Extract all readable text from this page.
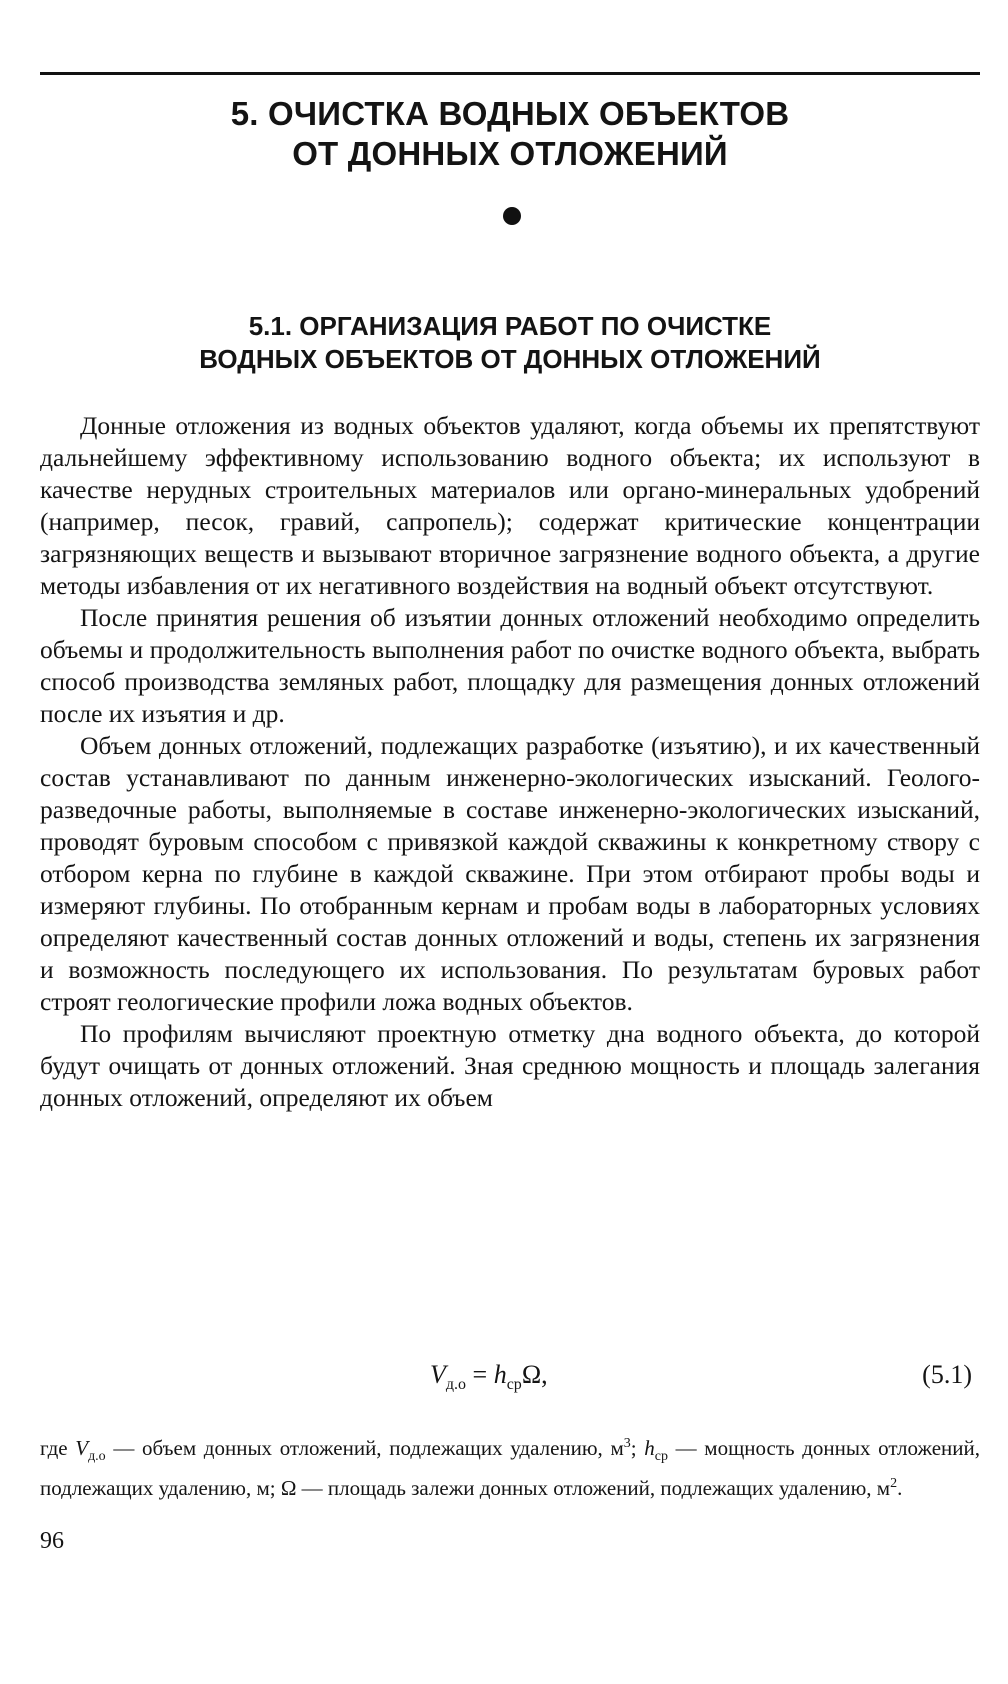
5. ОЧИСТКА ВОДНЫХ ОБЪЕКТОВ
ОТ ДОННЫХ ОТЛОЖЕНИЙ
5.1. ОРГАНИЗАЦИЯ РАБОТ ПО ОЧИСТКЕ
ВОДНЫХ ОБЪЕКТОВ ОТ ДОННЫХ ОТЛОЖЕНИЙ

Донные отложения из водных объектов удаляют, когда объемы их препятствуют дальнейшему эффективному использованию водного объекта; их используют в качестве нерудных строительных материалов или органо-минеральных удобрений (например, песок, гравий, сапропель); содержат критические концентрации загрязняющих веществ и вызывают вторичное загрязнение водного объекта, а другие методы избавления от их негативного воздействия на водный объект отсутствуют.

После принятия решения об изъятии донных отложений необходимо определить объемы и продолжительность выполнения работ по очистке водного объекта, выбрать способ производства земляных работ, площадку для размещения донных отложений после их изъятия и др.

Объем донных отложений, подлежащих разработке (изъятию), и их качественный состав устанавливают по данным инженерно-экологических изысканий. Геолого-разведочные работы, выполняемые в составе инженерно-экологических изысканий, проводят буровым способом с привязкой каждой скважины к конкретному створу с отбором керна по глубине в каждой скважине. При этом отбирают пробы воды и измеряют глубины. По отобранным кернам и пробам воды в лабораторных условиях определяют качественный состав донных отложений и воды, степень их загрязнения и возможность последующего их использования. По результатам буровых работ строят геологические профили ложа водных объектов.

По профилям вычисляют проектную отметку дна водного объекта, до которой будут очищать от донных отложений. Зная среднюю мощность и площадь залегания донных отложений, определяют их объем

$V_{д.о} = h_{ср}\Omega$,	(5.1)
где $V_{д.о}$ — объем донных отложений, подлежащих удалению, $м^3$; $h_{ср}$ — мощность донных отложений, подлежащих удалению, м; Ω — площадь залежи донных отложений, подлежащих удалению, $м^2$.
96
